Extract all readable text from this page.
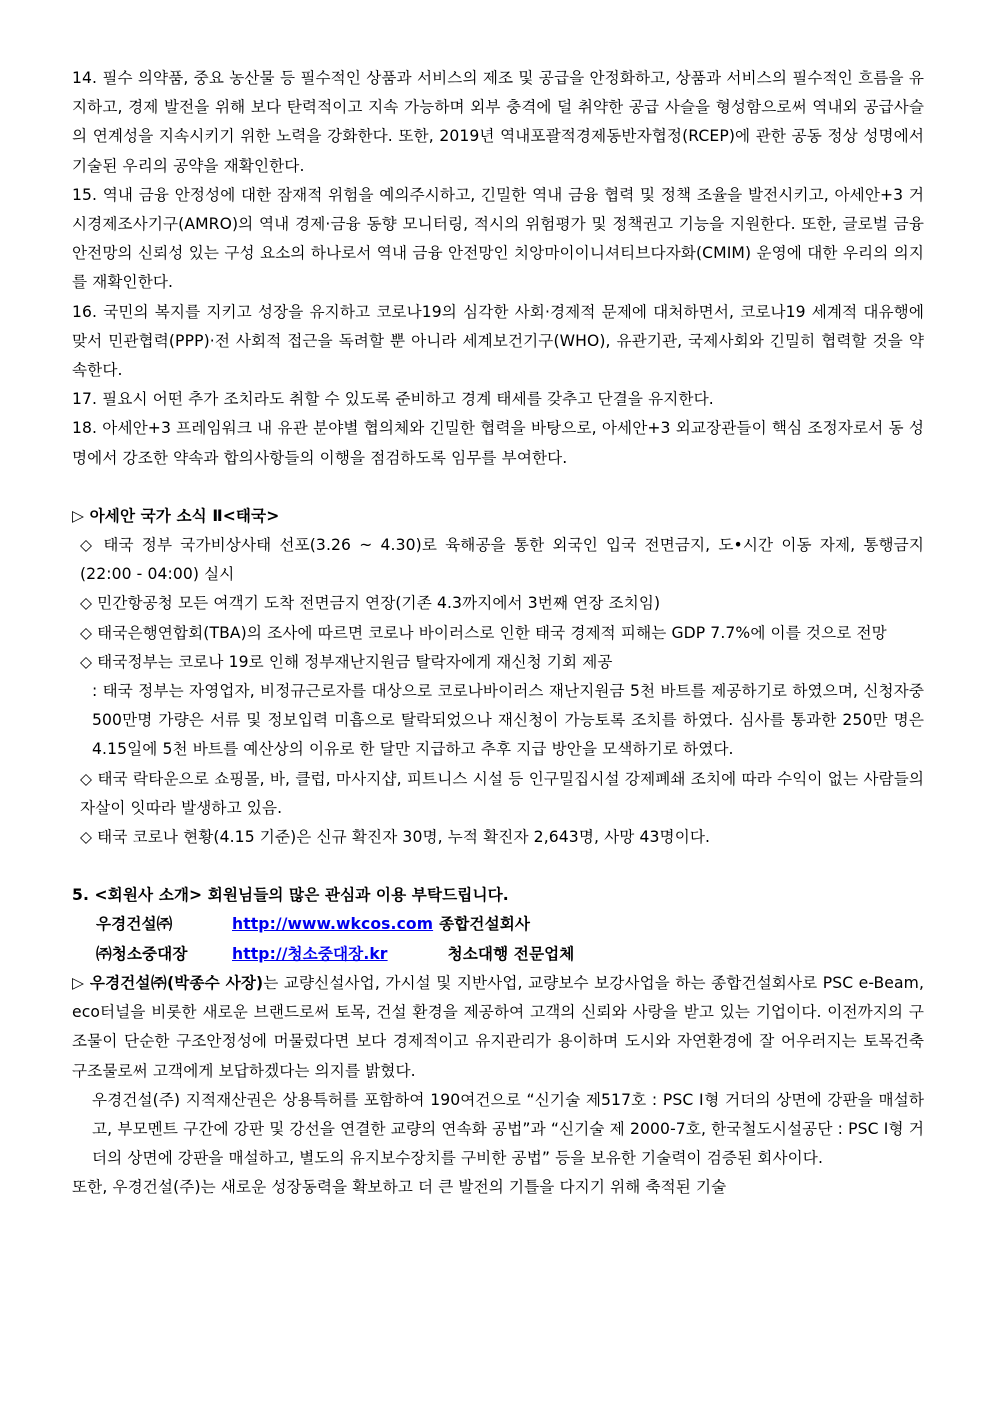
14. 필수 의약품, 중요 농산물 등 필수적인 상품과 서비스의 제조 및 공급을 안정화하고, 상품과 서비스의 필수적인 흐름을 유지하고, 경제 발전을 위해 보다 탄력적이고 지속 가능하며 외부 충격에 덜 취약한 공급 사슬을 형성함으로써 역내외 공급사슬의 연계성을 지속시키기 위한 노력을 강화한다. 또한, 2019년 역내포괄적경제동반자협정(RCEP)에 관한 공동 정상 성명에서 기술된 우리의 공약을 재확인한다.

15. 역내 금융 안정성에 대한 잠재적 위험을 예의주시하고, 긴밀한 역내 금융 협력 및 정책 조율을 발전시키고, 아세안+3 거시경제조사기구(AMRO)의 역내 경제·금융 동향 모니터링, 적시의 위험평가 및 정책권고 기능을 지원한다. 또한, 글로벌 금융 안전망의 신뢰성 있는 구성 요소의 하나로서 역내 금융 안전망인 치앙마이이니셔티브다자화(CMIM) 운영에 대한 우리의 의지를 재확인한다.

16. 국민의 복지를 지키고 성장을 유지하고 코로나19의 심각한 사회·경제적 문제에 대처하면서, 코로나19 세계적 대유행에 맞서 민관협력(PPP)·전 사회적 접근을 독려할 뿐 아니라 세계보건기구(WHO), 유관기관, 국제사회와 긴밀히 협력할 것을 약속한다.

17. 필요시 어떤 추가 조치라도 취할 수 있도록 준비하고 경계 태세를 갖추고 단결을 유지한다.

18. 아세안+3 프레임워크 내 유관 분야별 협의체와 긴밀한 협력을 바탕으로, 아세안+3 외교장관들이 핵심 조정자로서 동 성명에서 강조한 약속과 합의사항들의 이행을 점검하도록 임무를 부여한다.

▷ 아세안 국가 소식 Ⅱ<태국>

◇ 태국 정부 국가비상사태 선포(3.26 ~ 4.30)로 육해공을 통한 외국인 입국 전면금지, 도•시간 이동 자제, 통행금지(22:00 - 04:00) 실시

◇ 민간항공청 모든 여객기 도착 전면금지 연장(기존 4.3까지에서 3번째 연장 조치임)

◇ 태국은행연합회(TBA)의 조사에 따르면 코로나 바이러스로 인한 태국 경제적 피해는 GDP 7.7%에 이를 것으로 전망

◇ 태국정부는 코로나 19로 인해 정부재난지원금 탈락자에게 재신청 기회 제공

: 태국 정부는 자영업자, 비정규근로자를 대상으로 코로나바이러스 재난지원금 5천 바트를 제공하기로 하였으며, 신청자중 500만명 가량은 서류 및 정보입력 미흡으로 탈락되었으나 재신청이 가능토록 조치를 하였다. 심사를 통과한 250만 명은 4.15일에 5천 바트를 예산상의 이유로 한 달만 지급하고 추후 지급 방안을 모색하기로 하였다.

◇ 태국 락타운으로 쇼핑몰, 바, 클럽, 마사지샵, 피트니스 시설 등 인구밀집시설 강제폐쇄 조치에 따라 수익이 없는 사람들의 자살이 잇따라 발생하고 있음.

◇ 태국 코로나 현황(4.15 기준)은 신규 확진자 30명, 누적 확진자 2,643명, 사망 43명이다.

5. <회원사 소개> 회원님들의 많은 관심과 이용 부탁드립니다.

우경건설㈜	http://www.wkcos.com 종합건설회사
㈜청소중대장	http://청소중대장.kr	청소대행 전문업체

▷ 우경건설㈜(박종수 사장)는 교량신설사업, 가시설 및 지반사업, 교량보수 보강사업을 하는 종합건설회사로 PSC e-Beam, eco터널을 비롯한 새로운 브랜드로써 토목, 건설 환경을 제공하여 고객의 신뢰와 사랑을 받고 있는 기업이다. 이전까지의 구조물이 단순한 구조안정성에 머물렀다면 보다 경제적이고 유지관리가 용이하며 도시와 자연환경에 잘 어우러지는 토목건축 구조물로써 고객에게 보답하겠다는 의지를 밝혔다.

우경건설(주) 지적재산권은 상용특허를 포함하여 190여건으로 “신기술 제517호 : PSC Ⅰ형 거더의 상면에 강판을 매설하고, 부모멘트 구간에 강판 및 강선을 연결한 교량의 연속화 공법”과 “신기술 제 2000-7호, 한국철도시설공단 : PSC Ⅰ형 거더의 상면에 강판을 매설하고, 별도의 유지보수장치를 구비한 공법” 등을 보유한 기술력이 검증된 회사이다.

또한, 우경건설(주)는 새로운 성장동력을 확보하고 더 큰 발전의 기틀을 다지기 위해 축적된 기술
